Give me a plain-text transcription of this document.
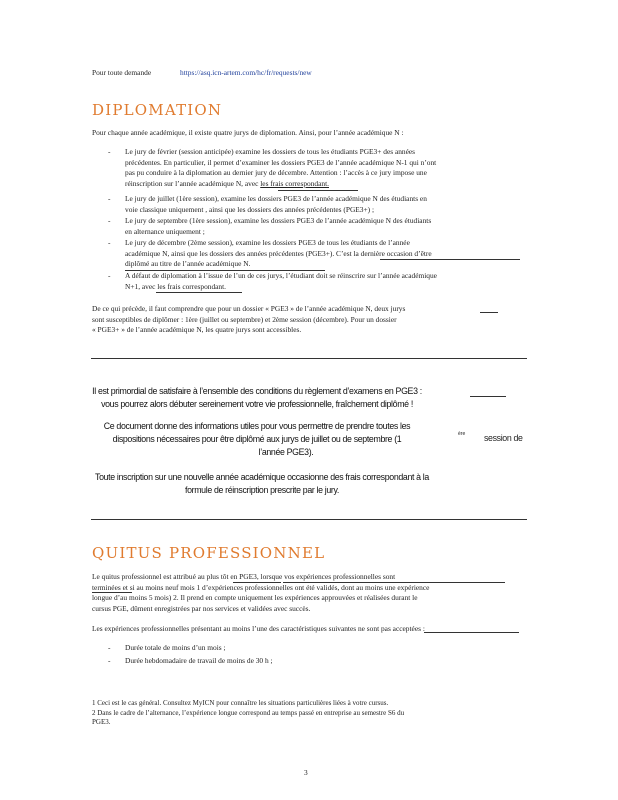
Pour toute demande	https://asq.icn-artem.com/hc/fr/requests/new
DIPLOMATION
Pour chaque année académique, il existe quatre jurys de diplomation. Ainsi, pour l’année académique N :
- Le jury de février (session anticipée) examine les dossiers de tous les étudiants PGE3+ des années
précédentes. En particulier, il permet d’examiner les dossiers PGE3 de l’année académique N-1 qui n’ont
pas pu conduire à la diplomation au dernier jury de décembre. Attention : l’accès à ce jury impose une
réinscription sur l’année académique N, avec les frais correspondant.
- Le jury de juillet (1ère session), examine les dossiers PGE3 de l’année académique N des étudiants en
voie classique uniquement , ainsi que les dossiers des années précédentes (PGE3+) ;
- Le jury de septembre (1ère session), examine les dossiers PGE3 de l’année académique N des étudiants
en alternance uniquement ;
- Le jury de décembre (2ème session), examine les dossiers PGE3 de tous les étudiants de l’année
académique N, ainsi que les dossiers des années précédentes (PGE3+). C’est la dernière occasion d’être
diplômé au titre de l’année académique N.
- A défaut de diplomation à l’issue de l’un de ces jurys, l’étudiant doit se réinscrire sur l’année académique
N+1, avec les frais correspondant.
De ce qui précède, il faut comprendre que pour un dossier « PGE3 » de l’année académique N, deux jurys
sont susceptibles de diplômer : 1ère (juillet ou septembre) et 2ème session (décembre). Pour un dossier
« PGE3+ » de l’année académique N, les quatre jurys sont accessibles.
Il est primordial de satisfaire à l’ensemble des conditions du règlement d’examens en PGE3 :
vous pourrez alors débuter sereinement votre vie professionnelle, fraîchement diplômé !
Ce document donne des informations utiles pour vous permettre de prendre toutes les
dispositions nécessaires pour être diplômé aux jurys de juillet ou de septembre (1	ère session de
l’année PGE3).
Toute inscription sur une nouvelle année académique occasionne des frais correspondant à la
formule de réinscription prescrite par le jury.
QUITUS PROFESSIONNEL
Le quitus professionnel est attribué au plus tôt en PGE3, lorsque vos expériences professionnelles sont
terminées et si au moins neuf mois 1 d’expériences professionnelles ont été validés, dont au moins une expérience
longue d’au moins 5 mois) 2. Il prend en compte uniquement les expériences approuvées et réalisées durant le
cursus PGE, dûment enregistrées par nos services et validées avec succès.
Les expériences professionnelles présentant au moins l’une des caractéristiques suivantes ne sont pas acceptées :
- Durée totale de moins d’un mois ;
- Durée hebdomadaire de travail de moins de 30 h ;
1 Ceci est le cas général. Consultez MyICN pour connaître les situations particulières liées à votre cursus.
2 Dans le cadre de l’alternance, l’expérience longue correspond au temps passé en entreprise au semestre S6 du
PGE3.
3
